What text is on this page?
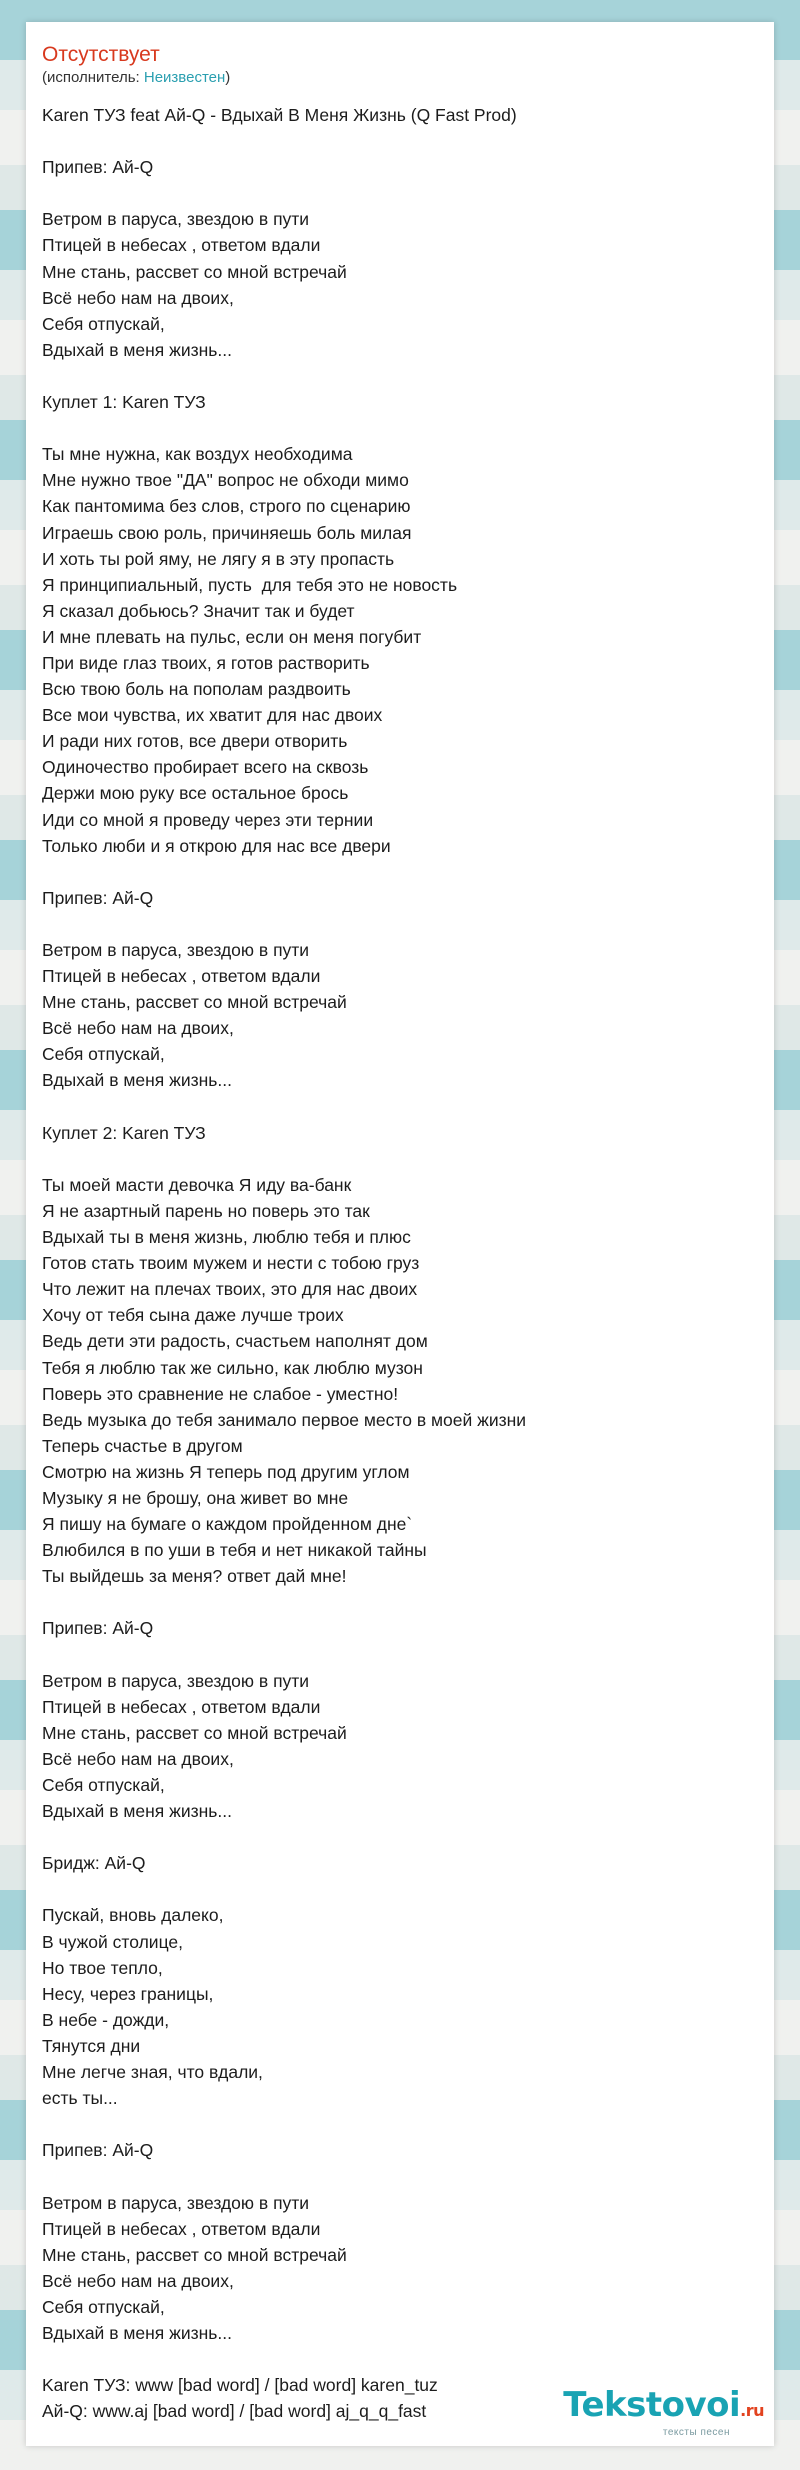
Отсутствует
(исполнитель: Неизвестен)
Karen ТУЗ feat Ай-Q - Вдыхай В Меня Жизнь (Q Fast Prod)
Припев: Ай-Q
Ветром в паруса, звездою в пути
Птицей в небесах , ответом вдали
Мне стань, рассвет со мной встречай
Всё небо нам на двоих,
Себя отпускай,
Вдыхай в меня жизнь...
Куплет 1: Karen ТУЗ
Ты мне нужна, как воздух необходима
Мне нужно твое "ДА" вопрос не обходи мимо
Как пантомима без слов, строго по сценарию
Играешь свою роль, причиняешь боль милая
И хоть ты рой яму, не лягу я в эту пропасть
Я принципиальный, пусть  для тебя это не новость
Я сказал добьюсь? Значит так и будет
И мне плевать на пульс, если он меня погубит
При виде глаз твоих, я готов растворить
Всю твою боль на пополам раздвоить
Все мои чувства, их хватит для нас двоих
И ради них готов, все двери отворить
Одиночество пробирает всего на сквозь
Держи мою руку все остальное брось
Иди со мной я проведу через эти тернии
Только люби и я открою для нас все двери
Припев: Ай-Q
Ветром в паруса, звездою в пути
Птицей в небесах , ответом вдали
Мне стань, рассвет со мной встречай
Всё небо нам на двоих,
Себя отпускай,
Вдыхай в меня жизнь...
Куплет 2: Karen ТУЗ
Ты моей масти девочка Я иду ва-банк
Я не азартный парень но поверь это так
Вдыхай ты в меня жизнь, люблю тебя и плюс
Готов стать твоим мужем и нести с тобою груз
Что лежит на плечах твоих, это для нас двоих
Хочу от тебя сына даже лучше троих
Ведь дети эти радость, счастьем наполнят дом
Тебя я люблю так же сильно, как люблю музон
Поверь это сравнение не слабое - уместно!
Ведь музыка до тебя занимало первое место в моей жизни
Теперь счастье в другом
Смотрю на жизнь Я теперь под другим углом
Музыку я не брошу, она живет во мне
Я пишу на бумаге о каждом пройденном дне`
Влюбился в по уши в тебя и нет никакой тайны
Ты выйдешь за меня? ответ дай мне!
Припев: Ай-Q
Ветром в паруса, звездою в пути
Птицей в небесах , ответом вдали
Мне стань, рассвет со мной встречай
Всё небо нам на двоих,
Себя отпускай,
Вдыхай в меня жизнь...
Бридж: Ай-Q
Пускай, вновь далеко,
В чужой столице,
Но твое тепло,
Несу, через границы,
В небе - дожди,
Тянутся дни
Мне легче зная, что вдали,
есть ты...
Припев: Ай-Q
Ветром в паруса, звездою в пути
Птицей в небесах , ответом вдали
Мне стань, рассвет со мной встречай
Всё небо нам на двоих,
Себя отпускай,
Вдыхай в меня жизнь...
Karen ТУЗ: www [bad word] / [bad word] karen_tuz
Ай-Q: www.aj [bad word] / [bad word] aj_q_q_fast	Tekstovoi.ru
тексты песен
